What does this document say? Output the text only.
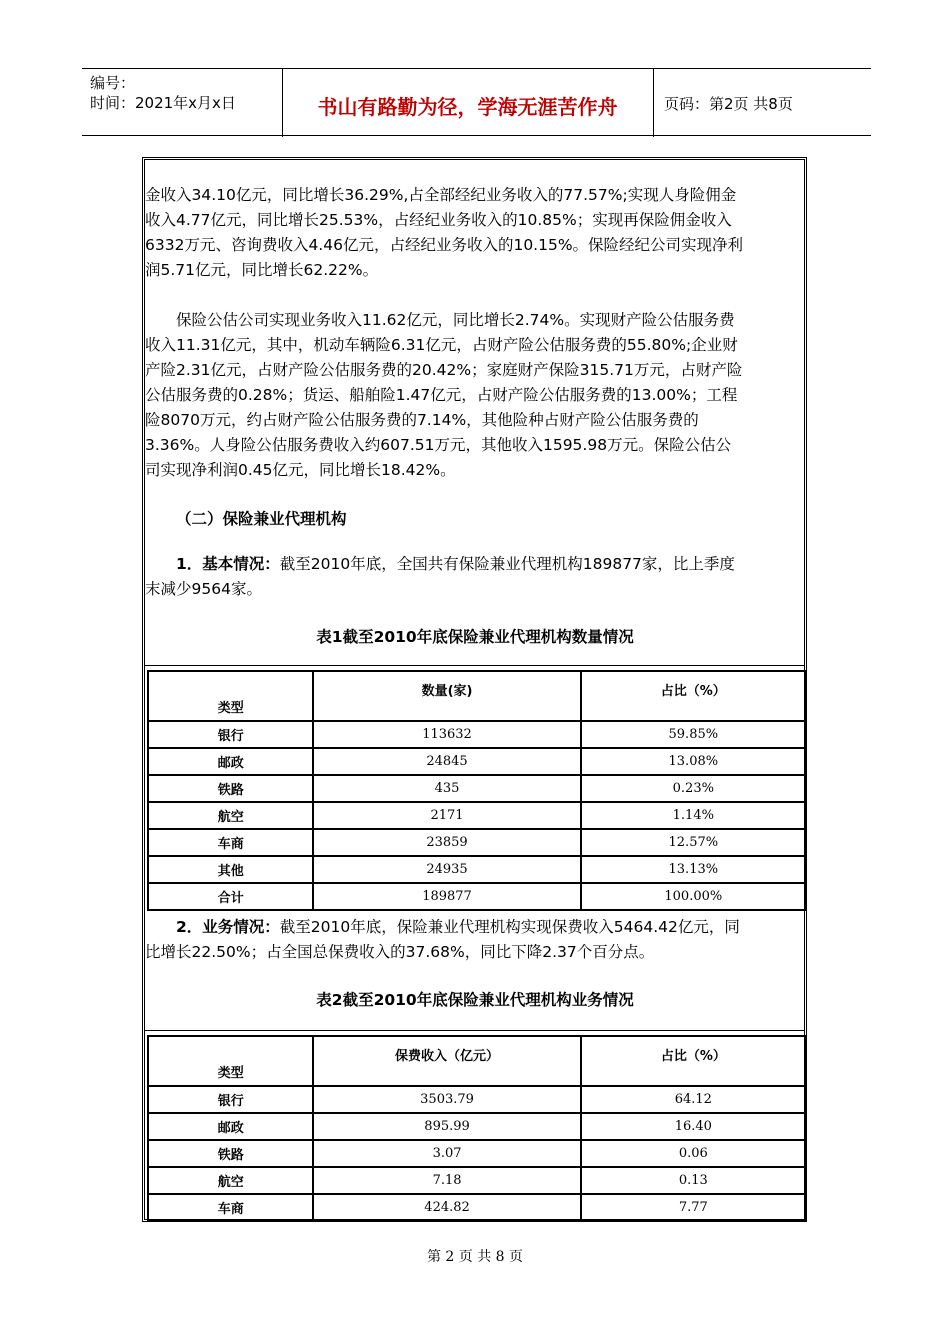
编号：
时间：2021年x月x日	书山有路勤为径，学海无涯苦作舟	页码：第2页 共8页
金收入34.10亿元，同比增长36.29%,占全部经纪业务收入的77.57%;实现人身险佣金
收入4.77亿元，同比增长25.53%，占经纪业务收入的10.85%；实现再保险佣金收入
6332万元、咨询费收入4.46亿元，占经纪业务收入的10.15%。保险经纪公司实现净利
润5.71亿元，同比增长62.22%。
保险公估公司实现业务收入11.62亿元，同比增长2.74%。实现财产险公估服务费
收入11.31亿元，其中，机动车辆险6.31亿元，占财产险公估服务费的55.80%;企业财
产险2.31亿元，占财产险公估服务费的20.42%；家庭财产保险315.71万元，占财产险
公估服务费的0.28%；货运、船舶险1.47亿元，占财产险公估服务费的13.00%；工程
险8070万元，约占财产险公估服务费的7.14%，其他险种占财产险公估服务费的
3.36%。人身险公估服务费收入约607.51万元，其他收入1595.98万元。保险公估公
司实现净利润0.45亿元，同比增长18.42%。
（二）保险兼业代理机构
1．基本情况：截至2010年底，全国共有保险兼业代理机构189877家，比上季度
末减少9564家。
表1截至2010年底保险兼业代理机构数量情况
类型	数量(家)	占比（%）
银行	113632	59.85%
邮政	24845	13.08%
铁路	435	0.23%
航空	2171	1.14%
车商	23859	12.57%
其他	24935	13.13%
合计	189877	100.00%
2．业务情况：截至2010年底，保险兼业代理机构实现保费收入5464.42亿元，同
比增长22.50%；占全国总保费收入的37.68%，同比下降2.37个百分点。
表2截至2010年底保险兼业代理机构业务情况
类型	保费收入（亿元）	占比（%）
银行	3503.79	64.12
邮政	895.99	16.40
铁路	3.07	0.06
航空	7.18	0.13
车商	424.82	7.77
第 2 页 共 8 页
